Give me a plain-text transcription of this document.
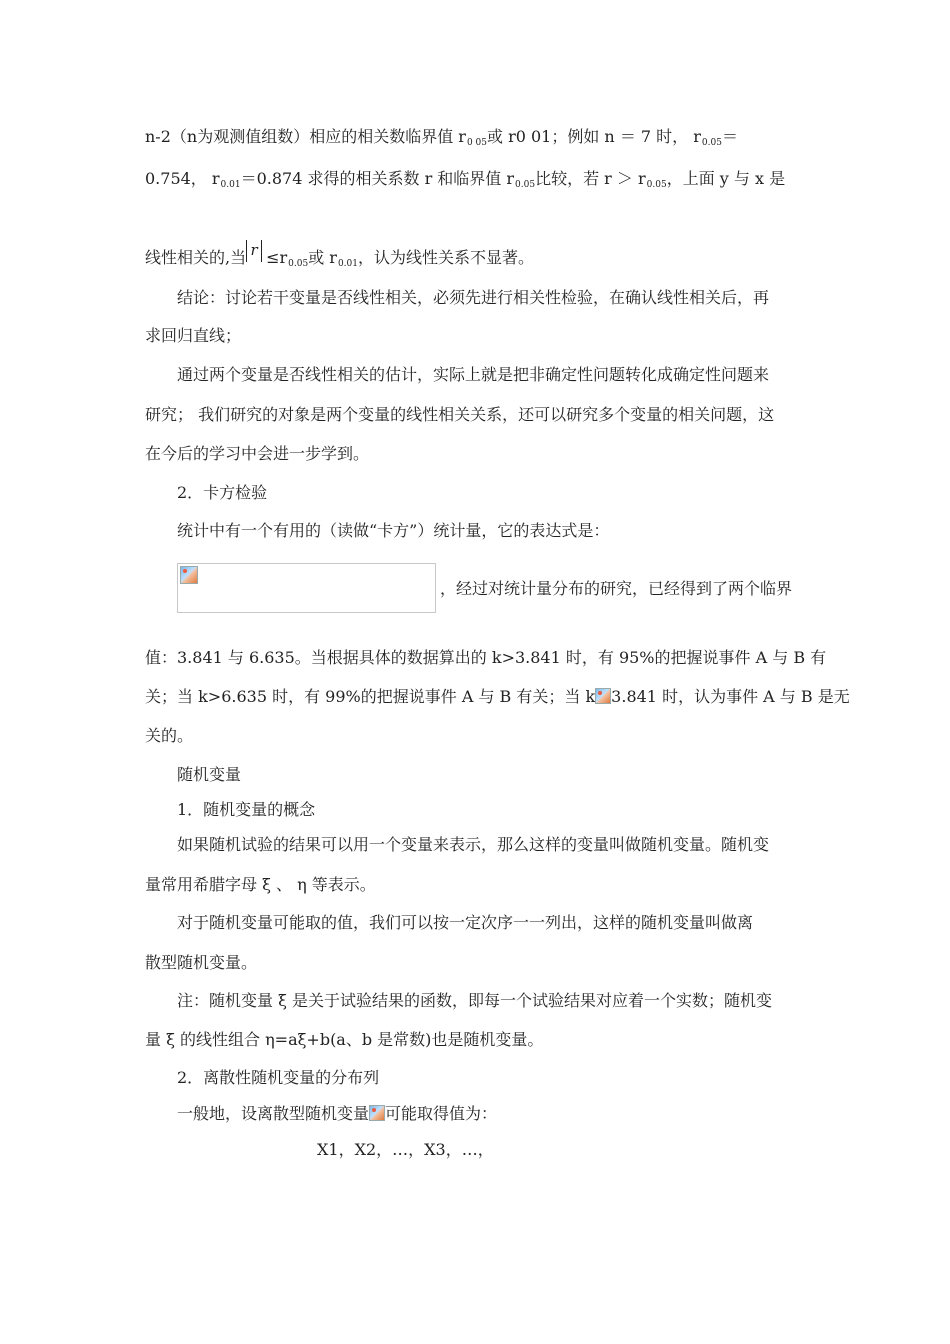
n-2（n为观测值组数）相应的相关数临界值 $r_{0 05}$或 r0 01；例如 n ＝ 7 时， $r_{0.05}=$
0.754， $r_{0.01}=0.874$ 求得的相关系数 r 和临界值 $r_{0.05}$比较，若 $r > r_{0.05}$，上面 y 与 x 是
线性相关的,当 $r \le r_{0.05}$或 $r_{0.01}$，认为线性关系不显著。
结论：讨论若干变量是否线性相关，必须先进行相关性检验，在确认线性相关后，再
求回归直线；
通过两个变量是否线性相关的估计，实际上就是把非确定性问题转化成确定性问题来
研究； 我们研究的对象是两个变量的线性相关关系，还可以研究多个变量的相关问题，这
在今后的学习中会进一步学到。
2．卡方检验
统计中有一个有用的（读做“卡方”）统计量，它的表达式是：
，经过对统计量分布的研究，已经得到了两个临界
值：3.841 与 6.635。当根据具体的数据算出的 k>3.841 时，有 95%的把握说事件 A 与 B 有
关；当 k>6.635 时，有 99%的把握说事件 A 与 B 有关；当 k 3.841 时，认为事件 A 与 B 是无
关的。
随机变量
1．随机变量的概念
如果随机试验的结果可以用一个变量来表示，那么这样的变量叫做随机变量。随机变
量常用希腊字母 ξ 、 η 等表示。
对于随机变量可能取的值，我们可以按一定次序一一列出，这样的随机变量叫做离
散型随机变量。
注：随机变量 ξ 是关于试验结果的函数，即每一个试验结果对应着一个实数；随机变
量 ξ 的线性组合 η=aξ+b(a、b 是常数)也是随机变量。
2．离散性随机变量的分布列
一般地，设离散型随机变量 可能取得值为：
X1，X2，…，X3，…，
